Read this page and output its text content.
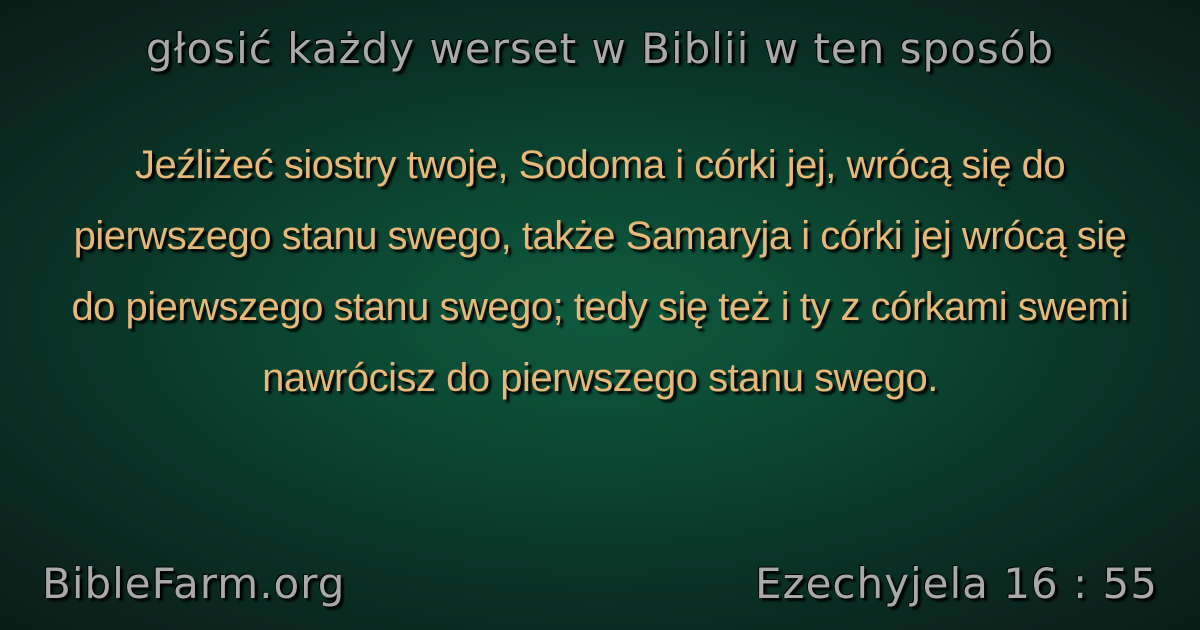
głosić każdy werset w Biblii w ten sposób
Jeźliżeć siostry twoje, Sodoma i córki jej, wrócą się do pierwszego stanu swego, także Samaryja i córki jej wrócą się do pierwszego stanu swego; tedy się też i ty z córkami swemi nawrócisz do pierwszego stanu swego.
BibleFarm.org	Ezechyjela 16 : 55
